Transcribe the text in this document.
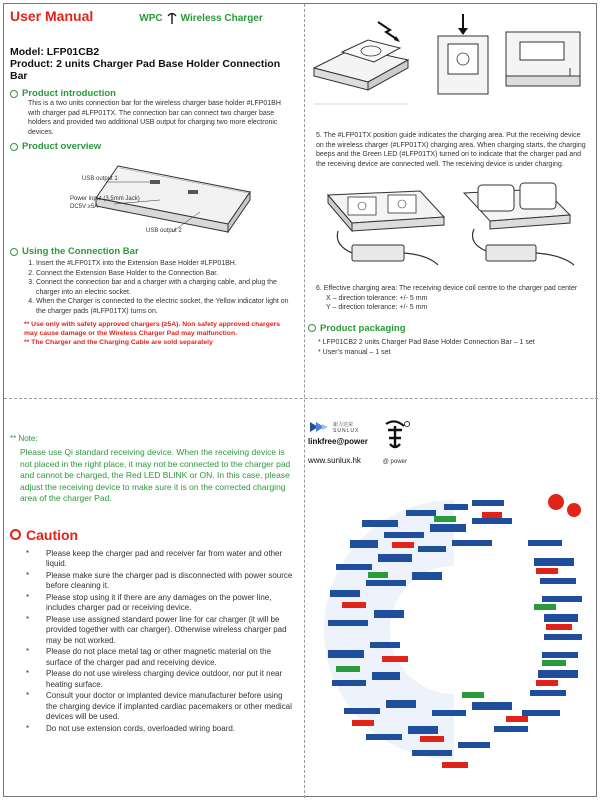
User Manual	WPC Wireless Charger
Model: LFP01CB2
Product: 2 units Charger Pad Base Holder Connection Bar
Product introduction
This is a two units connection bar for the wireless charger base holder #LFP01BH with charger pad #LFP01TX. The connection bar can connect two charger base holders and provided two additional USB output for charging two more electronic devices.
Product overview
USB output 1
Power input (3.5mm Jack)
DC5V ≥5A
USB output 2
Using the Connection Bar
1. Insert the #LFP01TX into the Extension Base Holder #LFP01BH.
2. Connect the Extension Base Holder to the Connection Bar.
3. Connect the connection bar and a charger with a charging cable, and plug the charger into an electric socket.
4. When the Charger is connected to the electric socket, the Yellow indicator light on the charger pads (#LFP01TX) turns on.
** Use only with safety approved chargers (≥5A). Non safety approved chargers may cause damage or the Wireless Charger Pad may malfunction.
** The Charger and the Charging Cable are sold separately
5. The #LFP01TX position guide indicates the charging area. Put the receiving device on the wireless charger (#LFP01TX) charging area. When charging starts, the charging beeps and the Green LED (#LFP01TX) turned on to indicate that the charger pad and the receiving device are connected well. The receiving device is under charging.
6. Effective charging area: The receiving device coil centre to the charger pad center
X – direction tolerance: +/- 5 mm
Y – direction tolerance: +/- 5 mm
Product packaging
* LFP01CB2 2 units Charger Pad Base Holder Connection Bar – 1 set
* User’s manual – 1 set
** Note:
Please use Qi standard receiving device. When the receiving device is not placed in the right place, it may not be connected to the charger pad and cannot be charged, the Red LED BLINK or ON. In this case, please adjust the receiving device to make sure it is on the corrected charging area of the charger Pad.
Caution
* Please keep the charger pad and receiver far from water and other liquid.
* Please make sure the charger pad is disconnected with power source before cleaning it.
* Please stop using it if there are any damages on the power line, includes charger pad or receiving device.
* Please use assigned standard power line for car charger (it will be provided together with car charger). Otherwise wireless charger pad may be not worked.
* Please do not place metal tag or other magnetic material on the surface of the charger pad and receiving device.
* Please do not use wireless charging device outdoor, nor put it near heating surface.
* Consult your doctor or implanted device manufacturer before using the charging device if implanted cardiac pacemakers or other medical devices will be used.
* Do not use extension cords, overloaded wiring board.
新力达荣
SUNLUX
linkfree@power
www.sunlux.hk	@ power
